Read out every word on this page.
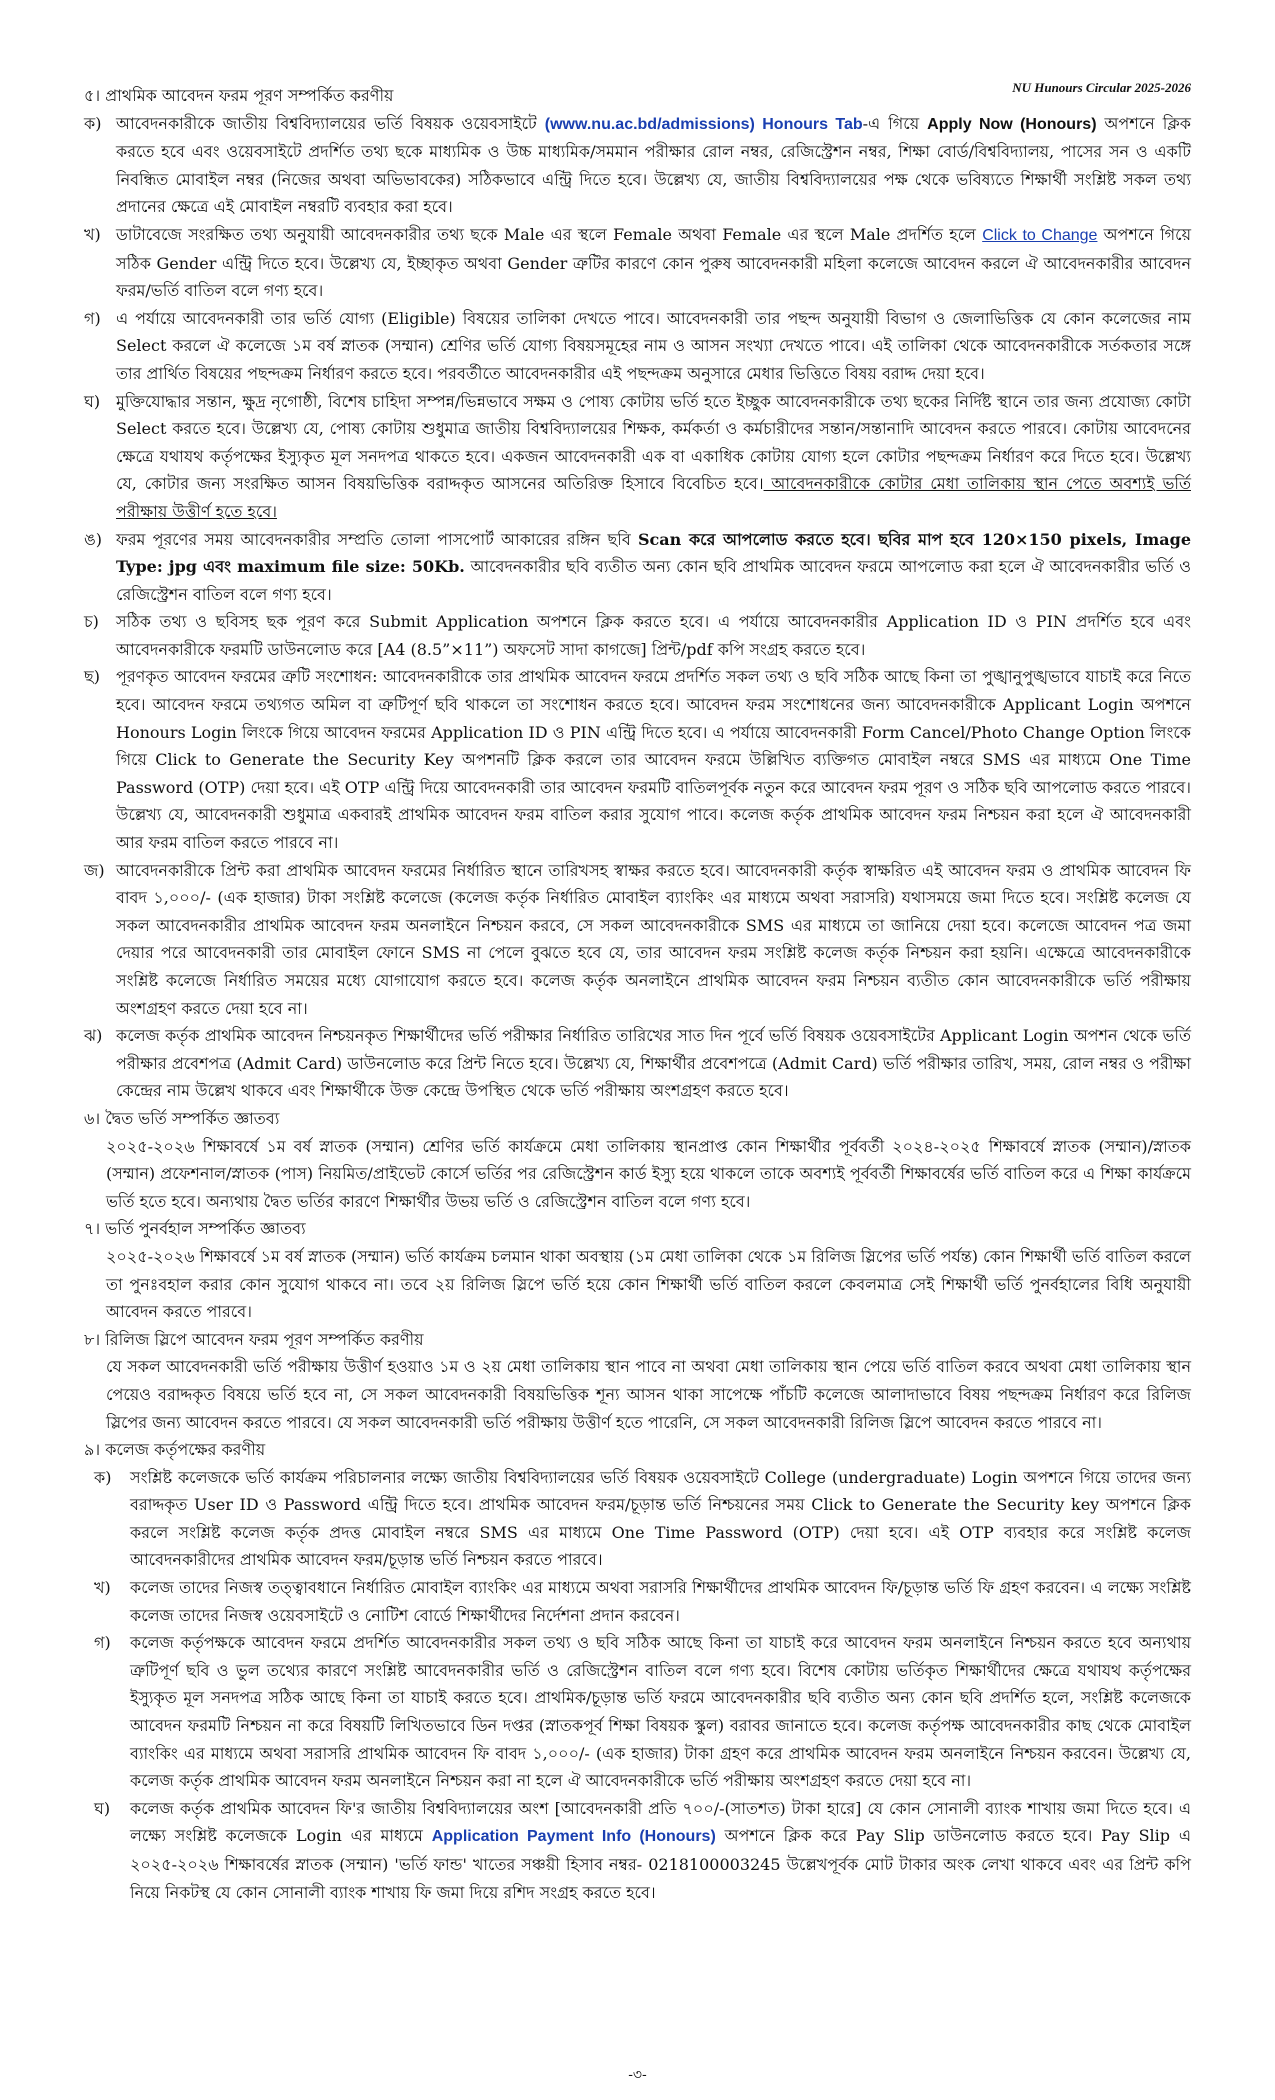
NU Hunours Circular 2025-2026
৫।
প্রাথমিক আবেদন ফরম পূরণ সম্পর্কিত করণীয়
ক) আবেদনকারীকে জাতীয় বিশ্ববিদ্যালয়ের ভর্তি বিষয়ক ওয়েবসাইটে (www.nu.ac.bd/admissions) Honours Tab-এ গিয়ে Apply Now (Honours) অপশনে ক্লিক করতে হবে এবং ওয়েবসাইটে প্রদর্শিত তথ্য ছকে মাধ্যমিক ও উচ্চ মাধ্যমিক/সমমান পরীক্ষার রোল নম্বর, রেজিস্ট্রেশন নম্বর, শিক্ষা বোর্ড/বিশ্ববিদ্যালয়, পাসের সন ও একটি নিবন্ধিত মোবাইল নম্বর (নিজের অথবা অভিভাবকের) সঠিকভাবে এন্ট্রি দিতে হবে। উল্লেখ্য যে, জাতীয় বিশ্ববিদ্যালয়ের পক্ষ থেকে ভবিষ্যতে শিক্ষার্থী সংশ্লিষ্ট সকল তথ্য প্রদানের ক্ষেত্রে এই মোবাইল নম্বরটি ব্যবহার করা হবে।
খ) ডাটাবেজে সংরক্ষিত তথ্য অনুযায়ী আবেদনকারীর তথ্য ছকে Male এর স্থলে Female অথবা Female এর স্থলে Male প্রদর্শিত হলে Click to Change অপশনে গিয়ে সঠিক Gender এন্ট্রি দিতে হবে। উল্লেখ্য যে, ইচ্ছাকৃত অথবা Gender ত্রুটির কারণে কোন পুরুষ আবেদনকারী মহিলা কলেজে আবেদন করলে ঐ আবেদনকারীর আবেদন ফরম/ভর্তি বাতিল বলে গণ্য হবে।
গ) এ পর্যায়ে আবেদনকারী তার ভর্তি যোগ্য (Eligible) বিষয়ের তালিকা দেখতে পাবে। আবেদনকারী তার পছন্দ অনুযায়ী বিভাগ ও জেলাভিত্তিক যে কোন কলেজের নাম Select করলে ঐ কলেজে ১ম বর্ষ স্নাতক (সম্মান) শ্রেণির ভর্তি যোগ্য বিষয়সমূহের নাম ও আসন সংখ্যা দেখতে পাবে। এই তালিকা থেকে আবেদনকারীকে সর্তকতার সঙ্গে তার প্রার্থিত বিষয়ের পছন্দক্রম নির্ধারণ করতে হবে। পরবর্তীতে আবেদনকারীর এই পছন্দক্রম অনুসারে মেধার ভিত্তিতে বিষয় বরাদ্দ দেয়া হবে।
ঘ) মুক্তিযোদ্ধার সন্তান, ক্ষুদ্র নৃগোষ্ঠী, বিশেষ চাহিদা সম্পন্ন/ভিন্নভাবে সক্ষম ও পোষ্য কোটায় ভর্তি হতে ইচ্ছুক আবেদনকারীকে তথ্য ছকের নির্দিষ্ট স্থানে তার জন্য প্রযোজ্য কোটা Select করতে হবে। উল্লেখ্য যে, পোষ্য কোটায় শুধুমাত্র জাতীয় বিশ্ববিদ্যালয়ের শিক্ষক, কর্মকর্তা ও কর্মচারীদের সন্তান/সন্তানাদি আবেদন করতে পারবে। কোটায় আবেদনের ক্ষেত্রে যথাযথ কর্তৃপক্ষের ইস্যুকৃত মূল সনদপত্র থাকতে হবে। একজন আবেদনকারী এক বা একাধিক কোটায় যোগ্য হলে কোটার পছন্দক্রম নির্ধারণ করে দিতে হবে। উল্লেখ্য যে, কোটার জন্য সংরক্ষিত আসন বিষয়ভিত্তিক বরাদ্দকৃত আসনের অতিরিক্ত হিসাবে বিবেচিত হবে। আবেদনকারীকে কোটার মেধা তালিকায় স্থান পেতে অবশ্যই ভর্তি পরীক্ষায় উত্তীর্ণ হতে হবে।
ঙ) ফরম পূরণের সময় আবেদনকারীর সম্প্রতি তোলা পাসপোর্ট আকারের রঙ্গিন ছবি Scan করে আপলোড করতে হবে। ছবির মাপ হবে 120×150 pixels, Image Type: jpg এবং maximum file size: 50Kb. আবেদনকারীর ছবি ব্যতীত অন্য কোন ছবি প্রাথমিক আবেদন ফরমে আপলোড করা হলে ঐ আবেদনকারীর ভর্তি ও রেজিস্ট্রেশন বাতিল বলে গণ্য হবে।
চ)	সঠিক তথ্য ও ছবিসহ ছক পূরণ করে Submit Application অপশনে ক্লিক করতে হবে। এ পর্যায়ে আবেদনকারীর Application ID ও PIN প্রদর্শিত হবে এবং আবেদনকারীকে ফরমটি ডাউনলোড করে [A4 (8.5”×11”) অফসেট সাদা কাগজে] প্রিন্ট/pdf কপি সংগ্রহ করতে হবে।
ছ)	পূরণকৃত আবেদন ফরমের ত্রুটি সংশোধন: আবেদনকারীকে তার প্রাথমিক আবেদন ফরমে প্রদর্শিত সকল তথ্য ও ছবি সঠিক আছে কিনা তা পুঙ্খানুপুঙ্খভাবে যাচাই করে নিতে হবে। আবেদন ফরমে তথ্যগত অমিল বা ত্রুটিপূর্ণ ছবি থাকলে তা সংশোধন করতে হবে। আবেদন ফরম সংশোধনের জন্য আবেদনকারীকে Applicant Login অপশনে Honours Login লিংকে গিয়ে আবেদন ফরমের Application ID ও PIN এন্ট্রি দিতে হবে। এ পর্যায়ে আবেদনকারী Form Cancel/Photo Change Option লিংকে গিয়ে Click to Generate the Security Key অপশনটি ক্লিক করলে তার আবেদন ফরমে উল্লিখিত ব্যক্তিগত মোবাইল নম্বরে SMS এর মাধ্যমে One Time Password (OTP) দেয়া হবে। এই OTP এন্ট্রি দিয়ে আবেদনকারী তার আবেদন ফরমটি বাতিলপূর্বক নতুন করে আবেদন ফরম পূরণ ও সঠিক ছবি আপলোড করতে পারবে। উল্লেখ্য যে, আবেদনকারী শুধুমাত্র একবারই প্রাথমিক আবেদন ফরম বাতিল করার সুযোগ পাবে। কলেজ কর্তৃক প্রাথমিক আবেদন ফরম নিশ্চয়ন করা হলে ঐ আবেদনকারী আর ফরম বাতিল করতে পারবে না।
জ) আবেদনকারীকে প্রিন্ট করা প্রাথমিক আবেদন ফরমের নির্ধারিত স্থানে তারিখসহ স্বাক্ষর করতে হবে। আবেদনকারী কর্তৃক স্বাক্ষরিত এই আবেদন ফরম ও প্রাথমিক আবেদন ফি বাবদ ১,০০০/- (এক হাজার) টাকা সংশ্লিষ্ট কলেজে (কলেজ কর্তৃক নির্ধারিত মোবাইল ব্যাংকিং এর মাধ্যমে অথবা সরাসরি) যথাসময়ে জমা দিতে হবে। সংশ্লিষ্ট কলেজ যে সকল আবেদনকারীর প্রাথমিক আবেদন ফরম অনলাইনে নিশ্চয়ন করবে, সে সকল আবেদনকারীকে SMS এর মাধ্যমে তা জানিয়ে দেয়া হবে। কলেজে আবেদন পত্র জমা দেয়ার পরে আবেদনকারী তার মোবাইল ফোনে SMS না পেলে বুঝতে হবে যে, তার আবেদন ফরম সংশ্লিষ্ট কলেজ কর্তৃক নিশ্চয়ন করা হয়নি। এক্ষেত্রে আবেদনকারীকে সংশ্লিষ্ট কলেজে নির্ধারিত সময়ের মধ্যে যোগাযোগ করতে হবে। কলেজ কর্তৃক অনলাইনে প্রাথমিক আবেদন ফরম নিশ্চয়ন ব্যতীত কোন আবেদনকারীকে ভর্তি পরীক্ষায় অংশগ্রহণ করতে দেয়া হবে না।
ঝ) কলেজ কর্তৃক প্রাথমিক আবেদন নিশ্চয়নকৃত শিক্ষার্থীদের ভর্তি পরীক্ষার নির্ধারিত তারিখের সাত দিন পূর্বে ভর্তি বিষয়ক ওয়েবসাইটের Applicant Login অপশন থেকে ভর্তি পরীক্ষার প্রবেশপত্র (Admit Card) ডাউনলোড করে প্রিন্ট নিতে হবে। উল্লেখ্য যে, শিক্ষার্থীর প্রবেশপত্রে (Admit Card) ভর্তি পরীক্ষার তারিখ, সময়, রোল নম্বর ও পরীক্ষা কেন্দ্রের নাম উল্লেখ থাকবে এবং শিক্ষার্থীকে উক্ত কেন্দ্রে উপস্থিত থেকে ভর্তি পরীক্ষায় অংশগ্রহণ করতে হবে।
৬।
দ্বৈত ভর্তি সম্পর্কিত জ্ঞাতব্য
২০২৫-২০২৬ শিক্ষাবর্ষে ১ম বর্ষ স্নাতক (সম্মান) শ্রেণির ভর্তি কার্যক্রমে মেধা তালিকায় স্থানপ্রাপ্ত কোন শিক্ষার্থীর পূর্ববর্তী ২০২৪-২০২৫ শিক্ষাবর্ষে স্নাতক (সম্মান)/স্নাতক (সম্মান) প্রফেশনাল/স্নাতক (পাস) নিয়মিত/প্রাইভেট কোর্সে ভর্তির পর রেজিস্ট্রেশন কার্ড ইস্যু হয়ে থাকলে তাকে অবশ্যই পূর্ববর্তী শিক্ষাবর্ষের ভর্তি বাতিল করে এ শিক্ষা কার্যক্রমে ভর্তি হতে হবে। অন্যথায় দ্বৈত ভর্তির কারণে শিক্ষার্থীর উভয় ভর্তি ও রেজিস্ট্রেশন বাতিল বলে গণ্য হবে।
৭।
ভর্তি পুনর্বহাল সম্পর্কিত জ্ঞাতব্য
২০২৫-২০২৬ শিক্ষাবর্ষে ১ম বর্ষ স্নাতক (সম্মান) ভর্তি কার্যক্রম চলমান থাকা অবস্থায় (১ম মেধা তালিকা থেকে ১ম রিলিজ স্লিপের ভর্তি পর্যন্ত) কোন শিক্ষার্থী ভর্তি বাতিল করলে তা পুনঃবহাল করার কোন সুযোগ থাকবে না। তবে ২য় রিলিজ স্লিপে ভর্তি হয়ে কোন শিক্ষার্থী ভর্তি বাতিল করলে কেবলমাত্র সেই শিক্ষার্থী ভর্তি পুনর্বহালের বিধি অনুযায়ী আবেদন করতে পারবে।
৮।
রিলিজ স্লিপে আবেদন ফরম পূরণ সম্পর্কিত করণীয়
যে সকল আবেদনকারী ভর্তি পরীক্ষায় উত্তীর্ণ হওয়াও ১ম ও ২য় মেধা তালিকায় স্থান পাবে না অথবা মেধা তালিকায় স্থান পেয়ে ভর্তি বাতিল করবে অথবা মেধা তালিকায় স্থান পেয়েও বরাদ্দকৃত বিষয়ে ভর্তি হবে না, সে সকল আবেদনকারী বিষয়ভিত্তিক শূন্য আসন থাকা সাপেক্ষে পাঁচটি কলেজে আলাদাভাবে বিষয় পছন্দক্রম নির্ধারণ করে রিলিজ স্লিপের জন্য আবেদন করতে পারবে। যে সকল আবেদনকারী ভর্তি পরীক্ষায় উত্তীর্ণ হতে পারেনি, সে সকল আবেদনকারী রিলিজ স্লিপে আবেদন করতে পারবে না।
৯।
কলেজ কর্তৃপক্ষের করণীয়
ক)	সংশ্লিষ্ট কলেজকে ভর্তি কার্যক্রম পরিচালনার লক্ষ্যে জাতীয় বিশ্ববিদ্যালয়ের ভর্তি বিষয়ক ওয়েবসাইটে College (undergraduate) Login অপশনে গিয়ে তাদের জন্য বরাদ্দকৃত User ID ও Password এন্ট্রি দিতে হবে। প্রাথমিক আবেদন ফরম/চূড়ান্ত ভর্তি নিশ্চয়নের সময় Click to Generate the Security key অপশনে ক্লিক করলে সংশ্লিষ্ট কলেজ কর্তৃক প্রদত্ত মোবাইল নম্বরে SMS এর মাধ্যমে One Time Password (OTP) দেয়া হবে। এই OTP ব্যবহার করে সংশ্লিষ্ট কলেজ আবেদনকারীদের প্রাথমিক আবেদন ফরম/চূড়ান্ত ভর্তি নিশ্চয়ন করতে পারবে।
খ)	কলেজ তাদের নিজস্ব তত্ত্বাবধানে নির্ধারিত মোবাইল ব্যাংকিং এর মাধ্যমে অথবা সরাসরি শিক্ষার্থীদের প্রাথমিক আবেদন ফি/চূড়ান্ত ভর্তি ফি গ্রহণ করবেন। এ লক্ষ্যে সংশ্লিষ্ট কলেজ তাদের নিজস্ব ওয়েবসাইটে ও নোটিশ বোর্ডে শিক্ষার্থীদের নির্দেশনা প্রদান করবেন।
গ)	কলেজ কর্তৃপক্ষকে আবেদন ফরমে প্রদর্শিত আবেদনকারীর সকল তথ্য ও ছবি সঠিক আছে কিনা তা যাচাই করে আবেদন ফরম অনলাইনে নিশ্চয়ন করতে হবে অন্যথায় ত্রুটিপূর্ণ ছবি ও ভুল তথ্যের কারণে সংশ্লিষ্ট আবেদনকারীর ভর্তি ও রেজিস্ট্রেশন বাতিল বলে গণ্য হবে। বিশেষ কোটায় ভর্তিকৃত শিক্ষার্থীদের ক্ষেত্রে যথাযথ কর্তৃপক্ষের ইস্যুকৃত মূল সনদপত্র সঠিক আছে কিনা তা যাচাই করতে হবে। প্রাথমিক/চূড়ান্ত ভর্তি ফরমে আবেদনকারীর ছবি ব্যতীত অন্য কোন ছবি প্রদর্শিত হলে, সংশ্লিষ্ট কলেজকে আবেদন ফরমটি নিশ্চয়ন না করে বিষয়টি লিখিতভাবে ডিন দপ্তর (স্নাতকপূর্ব শিক্ষা বিষয়ক স্কুল) বরাবর জানাতে হবে। কলেজ কর্তৃপক্ষ আবেদনকারীর কাছ থেকে মোবাইল ব্যাংকিং এর মাধ্যমে অথবা সরাসরি প্রাথমিক আবেদন ফি বাবদ ১,০০০/- (এক হাজার) টাকা গ্রহণ করে প্রাথমিক আবেদন ফরম অনলাইনে নিশ্চয়ন করবেন। উল্লেখ্য যে, কলেজ কর্তৃক প্রাথমিক আবেদন ফরম অনলাইনে নিশ্চয়ন করা না হলে ঐ আবেদনকারীকে ভর্তি পরীক্ষায় অংশগ্রহণ করতে দেয়া হবে না।
ঘ)	কলেজ কর্তৃক প্রাথমিক আবেদন ফি'র জাতীয় বিশ্ববিদ্যালয়ের অংশ [আবেদনকারী প্রতি ৭০০/-(সাতশত) টাকা হারে] যে কোন সোনালী ব্যাংক শাখায় জমা দিতে হবে। এ লক্ষ্যে সংশ্লিষ্ট কলেজকে Login এর মাধ্যমে Application Payment Info (Honours) অপশনে ক্লিক করে Pay Slip ডাউনলোড করতে হবে। Pay Slip এ ২০২৫-২০২৬ শিক্ষাবর্ষের স্নাতক (সম্মান) 'ভর্তি ফান্ড' খাতের সঞ্চয়ী হিসাব নম্বর- 0218100003245 উল্লেখপূর্বক মোট টাকার অংক লেখা থাকবে এবং এর প্রিন্ট কপি নিয়ে নিকটস্থ যে কোন সোনালী ব্যাংক শাখায় ফি জমা দিয়ে রশিদ সংগ্রহ করতে হবে।
-৩-
